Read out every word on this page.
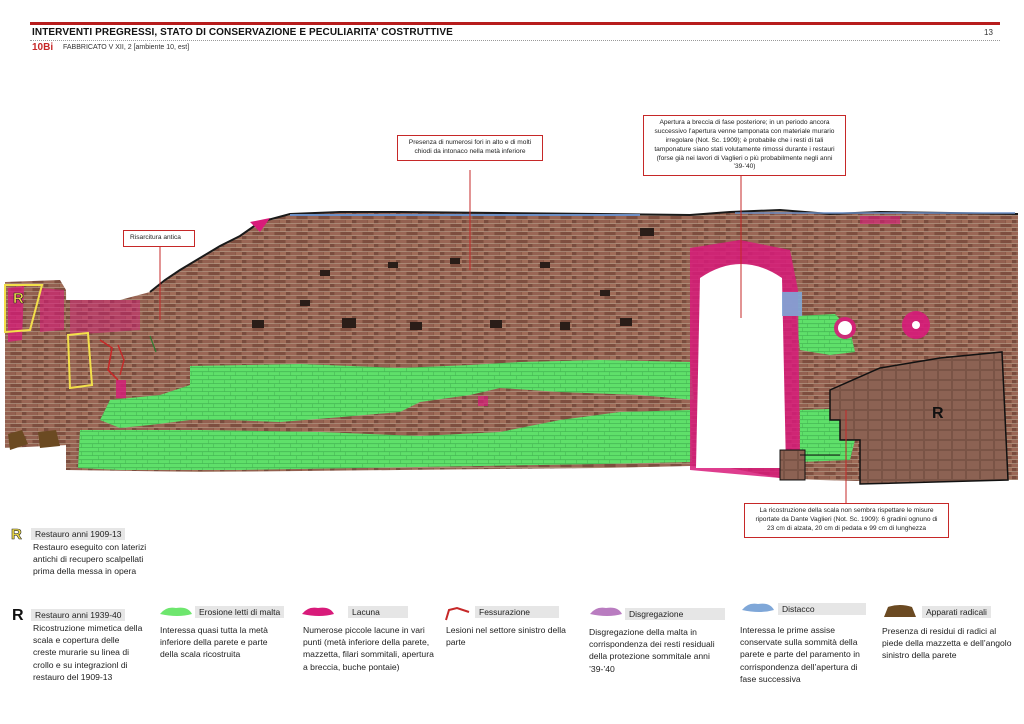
INTERVENTI PREGRESSI, STATO DI CONSERVAZIONE E PECULIARITA’ COSTRUTTIVE	13
10Bi FABBRICATO V XII, 2 [ambiente 10, est]
R
R
Risarcitura antica
Presenza di numerosi fori in alto e di molti chiodi da intonaco nella metà inferiore
Apertura a breccia di fase posteriore; in un periodo ancora successivo l’apertura venne tamponata con materiale murario irregolare (Not. Sc. 1909); è probabile che i resti di tali tamponature siano stati volutamente rimossi durante i restauri (forse già nei lavori di Vaglieri o più probabilmente negli anni ’39-’40)
La ricostruzione della scala non sembra rispettare le misure riportate da Dante Vaglieri (Not. Sc. 1909): 6 gradini ognuno di 23 cm di alzata, 20 cm di pedata e 99 cm di lunghezza
R	Restauro anni 1909-13
Restauro eseguito con laterizi antichi di recupero scalpellati prima della messa in opera
R	Restauro anni 1939-40
Ricostruzione mimetica della scala e copertura delle creste murarie su linea di crollo e su integrazionl di restauro del 1909-13
Erosione letti di malta
Interessa quasi tutta la metà inferiore della parete e parte della scala ricostruita
Lacuna
Numerose piccole lacune in vari punti (metà inferiore della parete, mazzetta, filari sommitali, apertura a breccia, buche pontaie)
Fessurazione
Lesioni nel settore sinistro della parte
Disgregazione
Disgregazione della malta in corrispondenza dei resti residuali della protezione sommitale anni ’39-’40
Distacco
Interessa le prime assise conservate sulla sommità della parete e parte del paramento in corrispondenza dell’apertura di fase successiva
Apparati radicali
Presenza di residui di radici al piede della mazzetta e dell’angolo sinistro della parete
